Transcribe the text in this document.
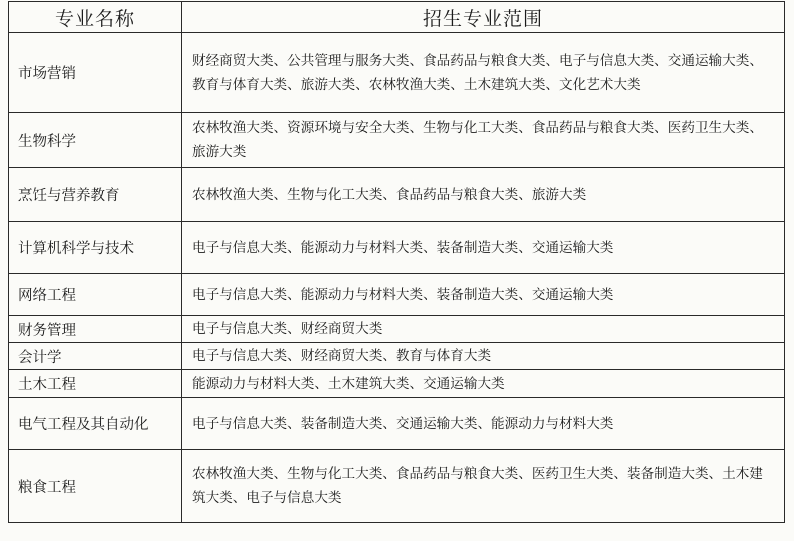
专业名称	招生专业范围
市场营销	财经商贸大类、公共管理与服务大类、食品药品与粮食大类、电子与信息大类、交通运输大类、教育与体育大类、旅游大类、农林牧渔大类、土木建筑大类、文化艺术大类
生物科学	农林牧渔大类、资源环境与安全大类、生物与化工大类、食品药品与粮食大类、医药卫生大类、旅游大类
烹饪与营养教育	农林牧渔大类、生物与化工大类、食品药品与粮食大类、旅游大类
计算机科学与技术	电子与信息大类、能源动力与材料大类、装备制造大类、交通运输大类
网络工程	电子与信息大类、能源动力与材料大类、装备制造大类、交通运输大类
财务管理	电子与信息大类、财经商贸大类
会计学	电子与信息大类、财经商贸大类、教育与体育大类
土木工程	能源动力与材料大类、土木建筑大类、交通运输大类
电气工程及其自动化	电子与信息大类、装备制造大类、交通运输大类、能源动力与材料大类
粮食工程	农林牧渔大类、生物与化工大类、食品药品与粮食大类、医药卫生大类、装备制造大类、土木建筑大类、电子与信息大类
